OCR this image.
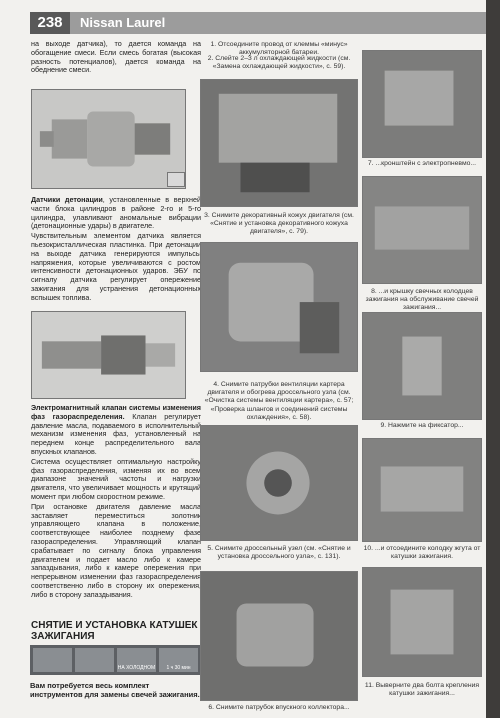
238	Nissan Laurel

на выходе датчика), то дается команда на обогащение смеси. Если смесь богатая (высокая разность потенциалов), дается команда на обеднение смеси.

Датчики детонации, установленные в верхней части блока цилиндров в районе 2-го и 5-го цилиндра, улавливают аномальные вибрации (детонационные удары) в двигателе.

Чувствительным элементом датчика является пьезокристаллическая пластинка. При детонации на выходе датчика генерируются импульсы напряжения, которые увеличиваются с ростом интенсивности детонационных ударов. ЭБУ по сигналу датчика регулирует опережение зажигания для устранения детонационных вспышек топлива.

Электромагнитный клапан системы изменения фаз газораспределения. Клапан регулирует давление масла, подаваемого в исполнительный механизм изменения фаз, установленный на переднем конце распределительного вала впускных клапанов.

Система осуществляет оптимальную настройку фаз газораспределения, изменяя их во всем диапазоне значений частоты и нагрузки двигателя, что увеличивает мощность и крутящий момент при любом скоростном режиме.

При остановке двигателя давление масла заставляет переместиться золотник управляющего клапана в положение, соответствующее наиболее позднему фазе газораспределения. Управляющий клапан срабатывает по сигналу блока управления двигателем и подает масло либо к камере запаздывания, либо к камере опережения при непрерывном изменении фаз газораспределения соответственно либо в сторону их опережения, либо в сторону запаздывания.

СНЯТИЕ И УСТАНОВКА КАТУШЕК ЗАЖИГАНИЯ
НА ХОЛОДНОМ	1 ч 30 мин
Вам потребуется весь комплект инструментов для замены свечей зажигания.
1. Отсоедините провод от клеммы «минус» аккумуляторной батареи.
2. Слейте 2–3 л охлаждающей жидкости (см. «Замена охлаждающей жидкости», с. 59).
3. Снимите декоративный кожух двигателя (см. «Снятие и установка декоративного кожуха двигателя», с. 79).
4. Снимите патрубки вентиляции картера двигателя и обогрева дроссельного узла (см. «Очистка системы вентиляции картера», с. 57; «Проверка шлангов и соединений системы охлаждения», с. 58).
5. Снимите дроссельный узел (см. «Снятие и установка дроссельного узла», с. 131).
6. Снимите патрубок впускного коллектора...
7. ...кронштейн с электропневмо...
8. ...и крышку свечных колодцев зажигания на обслуживание свечей зажигания...
9. Нажмите на фиксатор...
10. ...и отсоедините колодку жгута от катушки зажигания.
11. Выверните два болта крепления катушки зажигания...
